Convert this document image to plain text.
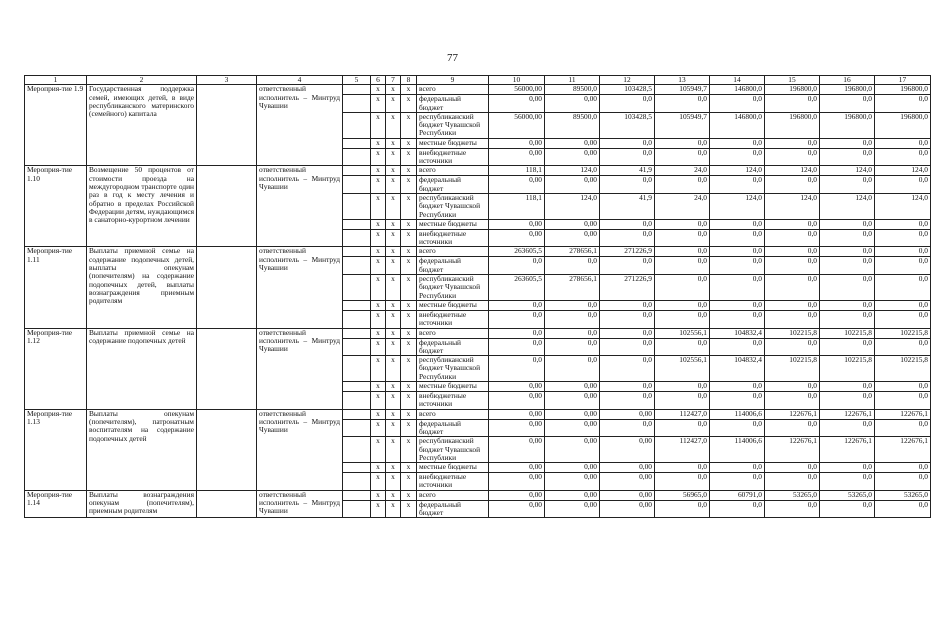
77
1	2	3	4	5	6	7	8	9	10	11	12	13	14	15	16	17
Мероприя-тие 1.9	Государственная поддержка семей, имеющих детей, в виде республиканского материнского (семейного) капитала		ответственный исполнитель – Минтруд Чувашии		x	x	x	всего	56000,00	89500,0	103428,5	105949,7	146800,0	196800,0	196800,0	196800,0
					x	x	x	федеральный бюджет	0,00	0,00	0,0	0,0	0,0	0,0	0,0	0,0
					x	x	x	республиканский бюджет Чувашской Республики	56000,00	89500,0	103428,5	105949,7	146800,0	196800,0	196800,0	196800,0
					x	x	x	местные бюджеты	0,00	0,00	0,0	0,0	0,0	0,0	0,0	0,0
					x	x	x	внебюджетные источники	0,00	0,00	0,0	0,0	0,0	0,0	0,0	0,0
Мероприя-тие 1.10	Возмещение 50 процентов от стоимости проезда на междугородном транспорте один раз в год к месту лечения и обратно в пределах Российской Федерации детям, нуждающимся в санаторно-курортном лечении		ответственный исполнитель – Минтруд Чувашии		x	x	x	всего	118,1	124,0	41,9	24,0	124,0	124,0	124,0	124,0
					x	x	x	федеральный бюджет	0,00	0,00	0,0	0,0	0,0	0,0	0,0	0,0
					x	x	x	республиканский бюджет Чувашской Республики	118,1	124,0	41,9	24,0	124,0	124,0	124,0	124,0
					x	x	x	местные бюджеты	0,00	0,00	0,0	0,0	0,0	0,0	0,0	0,0
					x	x	x	внебюджетные источники	0,00	0,00	0,0	0,0	0,0	0,0	0,0	0,0
Мероприя-тие 1.11	Выплаты приемной семье на содержание подопечных детей, выплаты опекунам (попечителям) на содержание подопечных детей, выплаты вознаграждения приемным родителям		ответственный исполнитель – Минтруд Чувашии		x	x	x	всего	263605,5	278656,1	271226,9	0,0	0,0	0,0	0,0	0,0
					x	x	x	федеральный бюджет	0,0	0,0	0,0	0,0	0,0	0,0	0,0	0,0
					x	x	x	республиканский бюджет Чувашской Республики	263605,5	278656,1	271226,9	0,0	0,0	0,0	0,0	0,0
					x	x	x	местные бюджеты	0,0	0,0	0,0	0,0	0,0	0,0	0,0	0,0
					x	x	x	внебюджетные источники	0,0	0,0	0,0	0,0	0,0	0,0	0,0	0,0
Мероприя-тие 1.12	Выплаты приемной семье на содержание подопечных детей		ответственный исполнитель – Минтруд Чувашии		x	x	x	всего	0,0	0,0	0,0	102556,1	104832,4	102215,8	102215,8	102215,8
					x	x	x	федеральный бюджет	0,0	0,0	0,0	0,0	0,0	0,0	0,0	0,0
					x	x	x	республиканский бюджет Чувашской Республики	0,0	0,0	0,0	102556,1	104832,4	102215,8	102215,8	102215,8
					x	x	x	местные бюджеты	0,00	0,00	0,0	0,0	0,0	0,0	0,0	0,0
					x	x	x	внебюджетные источники	0,00	0,00	0,0	0,0	0,0	0,0	0,0	0,0
Мероприя-тие 1.13	Выплаты опекунам (попечителям), патронатным воспитателям на содержание подопечных детей		ответственный исполнитель – Минтруд Чувашии		x	x	x	всего	0,00	0,00	0,00	112427,0	114006,6	122676,1	122676,1	122676,1
					x	x	x	федеральный бюджет	0,00	0,00	0,0	0,0	0,0	0,0	0,0	0,0
					x	x	x	республиканский бюджет Чувашской Республики	0,00	0,00	0,00	112427,0	114006,6	122676,1	122676,1	122676,1
					x	x	x	местные бюджеты	0,00	0,00	0,00	0,0	0,0	0,0	0,0	0,0
					x	x	x	внебюджетные источники	0,00	0,00	0,00	0,0	0,0	0,0	0,0	0,0
Мероприя-тие 1.14	Выплаты вознаграждения опекунам (попечителям), приемным родителям		ответственный исполнитель – Минтруд Чувашии		x	x	x	всего	0,00	0,00	0,00	56965,0	60791,0	53265,0	53265,0	53265,0
					x	x	x	федеральный бюджет	0,00	0,00	0,00	0,0	0,0	0,0	0,0	0,0
